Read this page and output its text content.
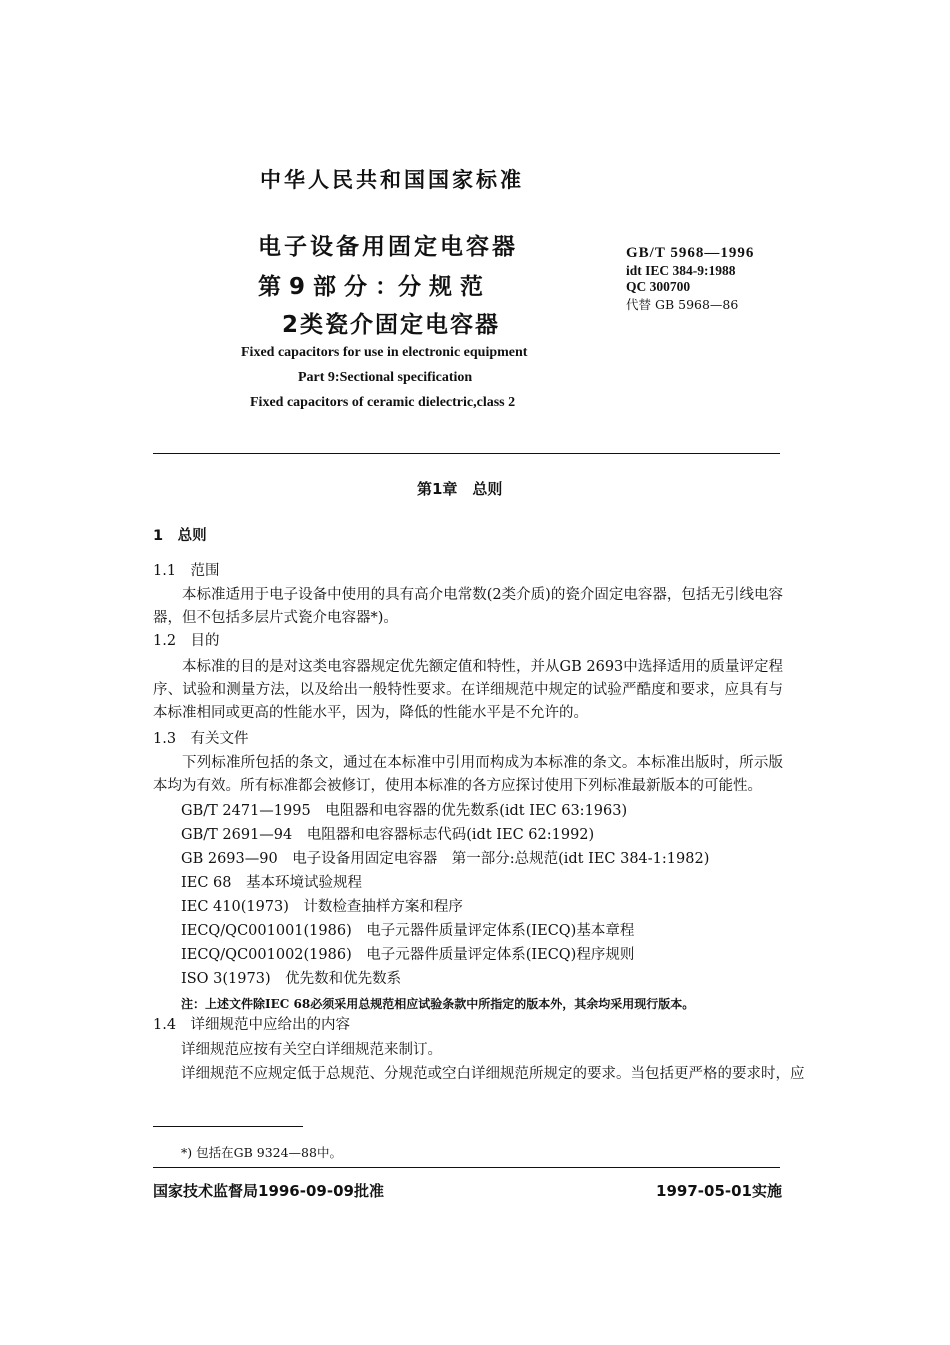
中华人民共和国国家标准
电子设备用固定电容器
第 9 部 分 ：分 规 范
2类瓷介固定电容器
GB/T 5968—1996
idt IEC 384-9:1988
QC 300700
代替 GB 5968—86
Fixed capacitors for use in electronic equipment
Part 9:Sectional specification
Fixed capacitors of ceramic dielectric,class 2
第1章　总则
1　总则
1.1　范围
本标准适用于电子设备中使用的具有高介电常数(2类介质)的瓷介固定电容器，包括无引线电容器，但不包括多层片式瓷介电容器*)。
1.2　目的
本标准的目的是对这类电容器规定优先额定值和特性，并从GB 2693中选择适用的质量评定程序、试验和测量方法，以及给出一般特性要求。在详细规范中规定的试验严酷度和要求，应具有与本标准相同或更高的性能水平，因为，降低的性能水平是不允许的。
1.3　有关文件
下列标准所包括的条文，通过在本标准中引用而构成为本标准的条文。本标准出版时，所示版本均为有效。所有标准都会被修订，使用本标准的各方应探讨使用下列标准最新版本的可能性。
GB/T 2471—1995　电阻器和电容器的优先数系(idt IEC 63:1963)
GB/T 2691—94　电阻器和电容器标志代码(idt IEC 62:1992)
GB 2693—90　电子设备用固定电容器　第一部分:总规范(idt IEC 384-1:1982)
IEC 68　基本环境试验规程
IEC 410(1973)　计数检查抽样方案和程序
IECQ/QC001001(1986)　电子元器件质量评定体系(IECQ)基本章程
IECQ/QC001002(1986)　电子元器件质量评定体系(IECQ)程序规则
ISO 3(1973)　优先数和优先数系
注：上述文件除IEC 68必须采用总规范相应试验条款中所指定的版本外，其余均采用现行版本。
1.4　详细规范中应给出的内容
详细规范应按有关空白详细规范来制订。
详细规范不应规定低于总规范、分规范或空白详细规范所规定的要求。当包括更严格的要求时，应
*) 包括在GB 9324—88中。
国家技术监督局1996-09-09批准	1997-05-01实施
